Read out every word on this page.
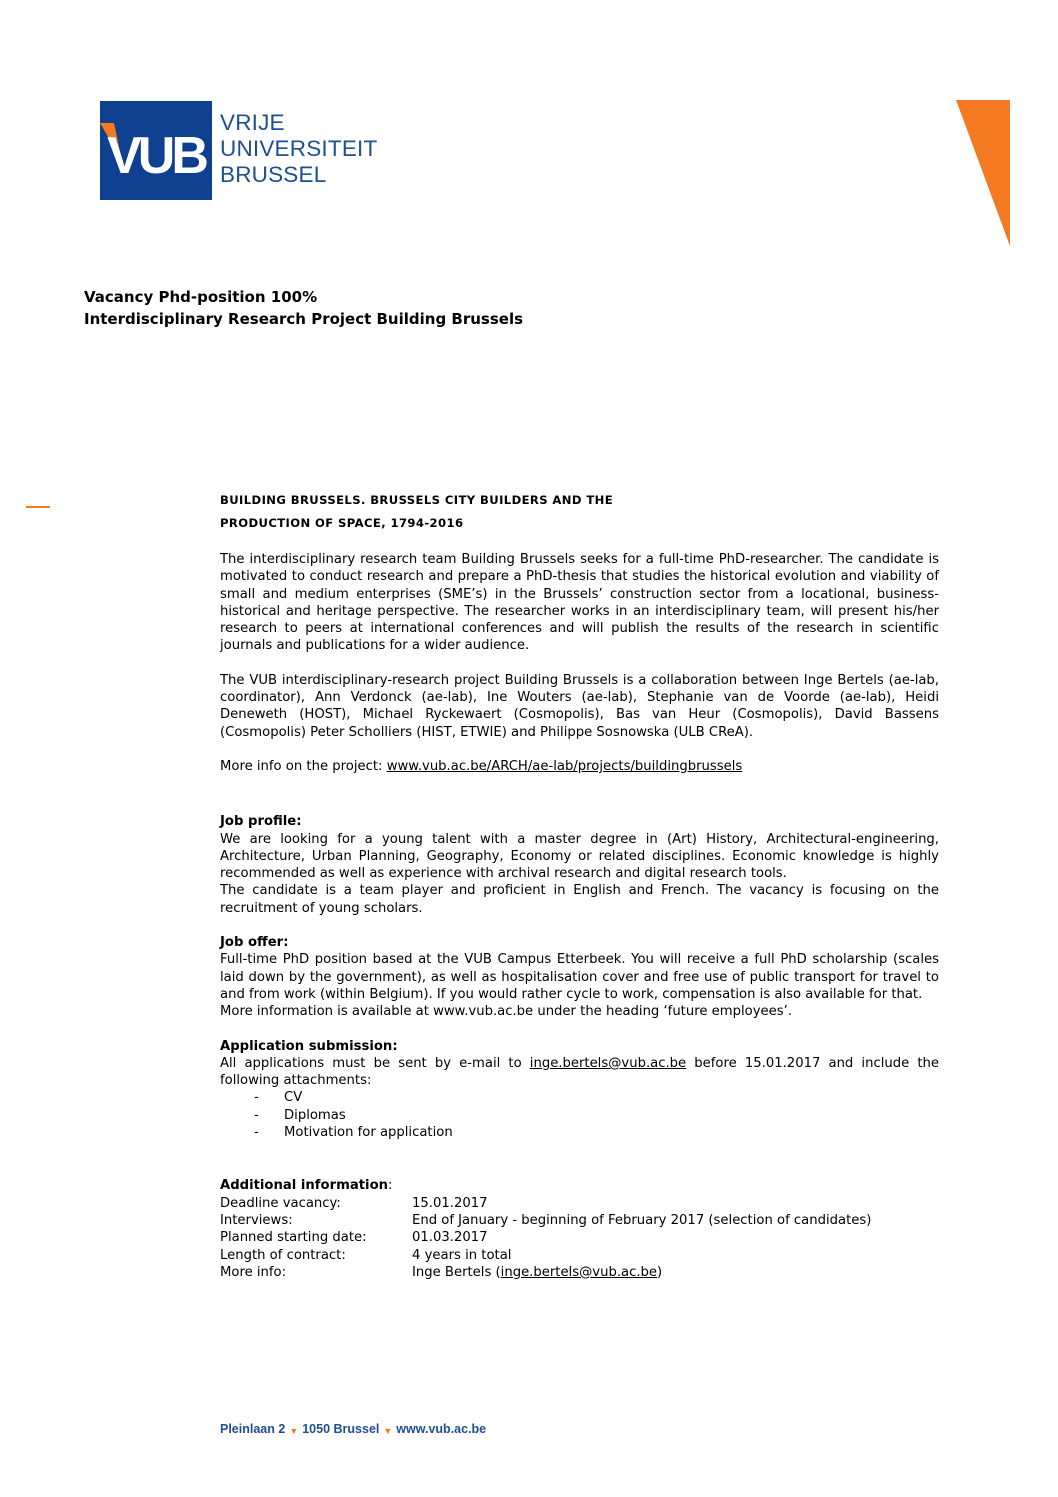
VUB
VRIJE
UNIVERSITEIT
BRUSSEL
Vacancy Phd-position 100%
Interdisciplinary Research Project Building Brussels
BUILDING BRUSSELS. BRUSSELS CITY BUILDERS AND THE
PRODUCTION OF SPACE, 1794-2016

The interdisciplinary research team Building Brussels seeks for a full-time PhD-researcher. The candidate is motivated to conduct research and prepare a PhD-thesis that studies the historical evolution and viability of small and medium enterprises (SME’s) in the Brussels’ construction sector from a locational, business-historical and heritage perspective. The researcher works in an interdisciplinary team, will present his/her research to peers at international conferences and will publish the results of the research in scientific journals and publications for a wider audience.

The VUB interdisciplinary-research project Building Brussels is a collaboration between Inge Bertels (ae-lab, coordinator), Ann Verdonck (ae-lab), Ine Wouters (ae-lab), Stephanie van de Voorde (ae-lab), Heidi Deneweth (HOST), Michael Ryckewaert (Cosmopolis), Bas van Heur (Cosmopolis), David Bassens (Cosmopolis) Peter Scholliers (HIST, ETWIE) and Philippe Sosnowska (ULB CReA).

More info on the project: www.vub.ac.be/ARCH/ae-lab/projects/buildingbrussels

Job profile:

We are looking for a young talent with a master degree in (Art) History, Architectural-engineering, Architecture, Urban Planning, Geography, Economy or related disciplines. Economic knowledge is highly recommended as well as experience with archival research and digital research tools.

The candidate is a team player and proficient in English and French. The vacancy is focusing on the recruitment of young scholars.

Job offer:

Full-time PhD position based at the VUB Campus Etterbeek. You will receive a full PhD scholarship (scales laid down by the government), as well as hospitalisation cover and free use of public transport for travel to and from work (within Belgium). If you would rather cycle to work, compensation is also available for that.

More information is available at www.vub.ac.be under the heading ‘future employees’.

Application submission:

All applications must be sent by e-mail to inge.bertels@vub.ac.be before 15.01.2017 and include the following attachments:

- CV
- Diplomas
- Motivation for application

Additional information:

Deadline vacancy:	15.01.2017
Interviews:	End of January - beginning of February 2017 (selection of candidates)
Planned starting date:	01.03.2017
Length of contract:	4 years in total
More info:	Inge Bertels (inge.bertels@vub.ac.be)
Pleinlaan 2 ▼ 1050 Brussel ▼ www.vub.ac.be
